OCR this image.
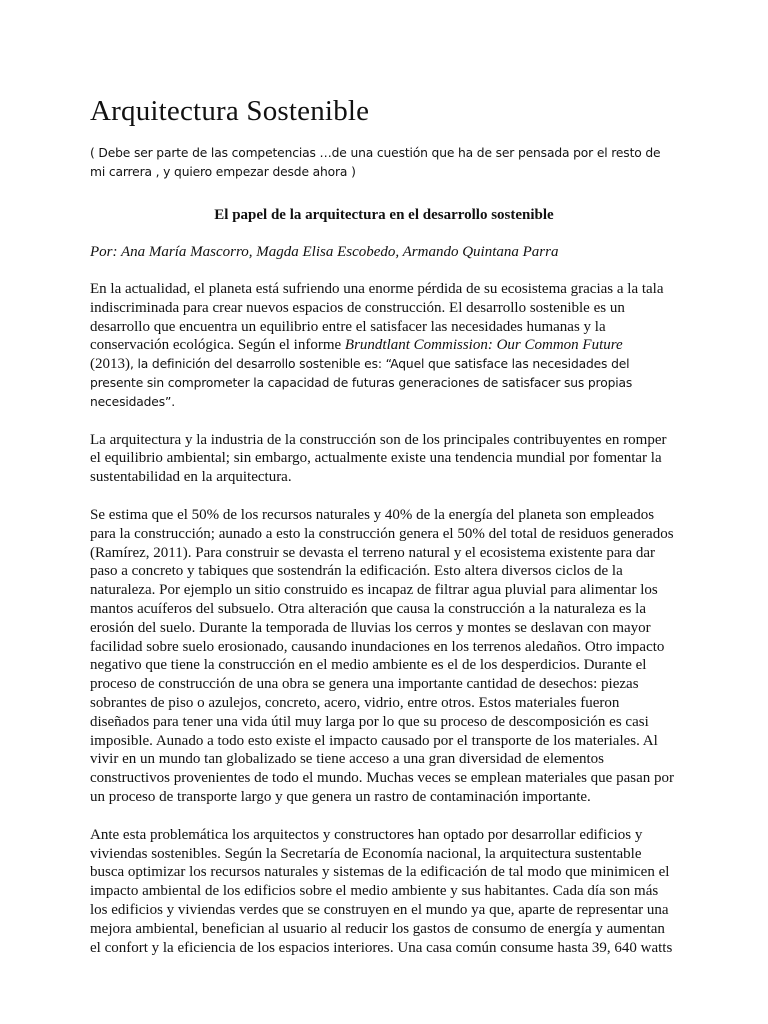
Arquitectura Sostenible

( Debe ser parte de las competencias …de una cuestión que ha de ser pensada por el resto de mi carrera , y quiero empezar desde ahora )

El papel de la arquitectura en el desarrollo sostenible

Por: Ana María Mascorro, Magda Elisa Escobedo, Armando Quintana Parra

En la actualidad, el planeta está sufriendo una enorme pérdida de su ecosistema gracias a la tala indiscriminada para crear nuevos espacios de construcción. El desarrollo sostenible es un desarrollo que encuentra un equilibrio entre el satisfacer las necesidades humanas y la conservación ecológica. Según el informe Brundtlant Commission: Our Common Future
(2013), la definición del desarrollo sostenible es: “Aquel que satisface las necesidades del presente sin comprometer la capacidad de futuras generaciones de satisfacer sus propias necesidades”.

La arquitectura y la industria de la construcción son de los principales contribuyentes en romper el equilibrio ambiental; sin embargo, actualmente existe una tendencia mundial por fomentar la sustentabilidad en la arquitectura.

Se estima que el 50% de los recursos naturales y 40% de la energía del planeta son empleados para la construcción; aunado a esto la construcción genera el 50% del total de residuos generados (Ramírez, 2011). Para construir se devasta el terreno natural y el ecosistema existente para dar paso a concreto y tabiques que sostendrán la edificación. Esto altera diversos ciclos de la naturaleza. Por ejemplo un sitio construido es incapaz de filtrar agua pluvial para alimentar los mantos acuíferos del subsuelo. Otra alteración que causa la construcción a la naturaleza es la erosión del suelo. Durante la temporada de lluvias los cerros y montes se deslavan con mayor facilidad sobre suelo erosionado, causando inundaciones en los terrenos aledaños. Otro impacto negativo que tiene la construcción en el medio ambiente es el de los desperdicios. Durante el proceso de construcción de una obra se genera una importante cantidad de desechos: piezas sobrantes de piso o azulejos, concreto, acero, vidrio, entre otros. Estos materiales fueron diseñados para tener una vida útil muy larga por lo que su proceso de descomposición es casi imposible. Aunado a todo esto existe el impacto causado por el transporte de los materiales. Al vivir en un mundo tan globalizado se tiene acceso a una gran diversidad de elementos constructivos provenientes de todo el mundo. Muchas veces se emplean materiales que pasan por un proceso de transporte largo y que genera un rastro de contaminación importante.

Ante esta problemática los arquitectos y constructores han optado por desarrollar edificios y viviendas sostenibles. Según la Secretaría de Economía nacional, la arquitectura sustentable busca optimizar los recursos naturales y sistemas de la edificación de tal modo que minimicen el impacto ambiental de los edificios sobre el medio ambiente y sus habitantes. Cada día son más los edificios y viviendas verdes que se construyen en el mundo ya que, aparte de representar una mejora ambiental, benefician al usuario al reducir los gastos de consumo de energía y aumentan el confort y la eficiencia de los espacios interiores. Una casa común consume hasta 39, 640 watts
